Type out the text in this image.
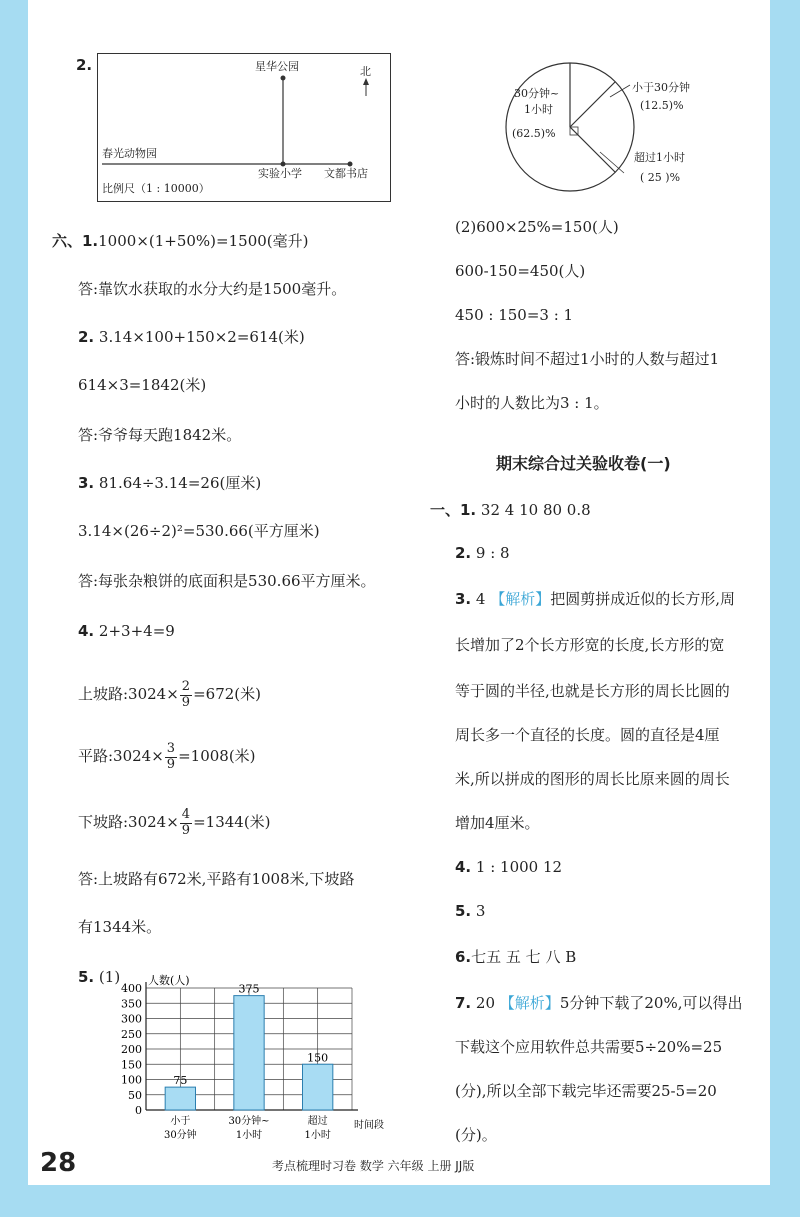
2.	星华公园	北
春光动物园
实验小学 文都书店
比例尺（1 : 10000）
六、1.1000×(1+50%)=1500(毫升)
答:靠饮水获取的水分大约是1500毫升。
2. 3.14×100+150×2=614(米)
614×3=1842(米)
答:爷爷每天跑1842米。
3. 81.64÷3.14=26(厘米)
3.14×(26÷2)²=530.66(平方厘米)
答:每张杂粮饼的底面积是530.66平方厘米。
4. 2+3+4=9
上坡路:3024× $\frac{2}{9} =672$(米)
平路:3024× $\frac{3}{9} =1008$(米)
下坡路:3024× $\frac{4}{9} =1344$(米)
答:上坡路有672米,平路有1008米,下坡路
有1344米。
5. (1)
400
350
300
250
200
150
100
50
0
人数(人)
时间段
75
小于
30分钟
375
30分钟~
1小时
150
超过
1小时
30分钟~
1小时
(62.5)%
小于30分钟
(12.5)%
超过1小时
( 25 )%
(2)600×25%=150(人)
600-150=450(人)
450 : 150=3 : 1
答:锻炼时间不超过1小时的人数与超过1
小时的人数比为3 : 1。
期末综合过关验收卷(一)
一、1. 32 4 10 80 0.8
2. 9 : 8
3. 4 【解析】把圆剪拼成近似的长方形,周
长增加了2个长方形宽的长度,长方形的宽
等于圆的半径,也就是长方形的周长比圆的
周长多一个直径的长度。圆的直径是4厘
米,所以拼成的图形的周长比原来圆的周长
增加4厘米。
4. 1 : 1000 12
5. 3
6.七五 五 七 八 B
7. 20 【解析】5分钟下载了20%,可以得出
下载这个应用软件总共需要5÷20%=25
(分),所以全部下载完毕还需要25-5=20
(分)。
28	考点梳理时习卷 数学 六年级 上册 JJ版
